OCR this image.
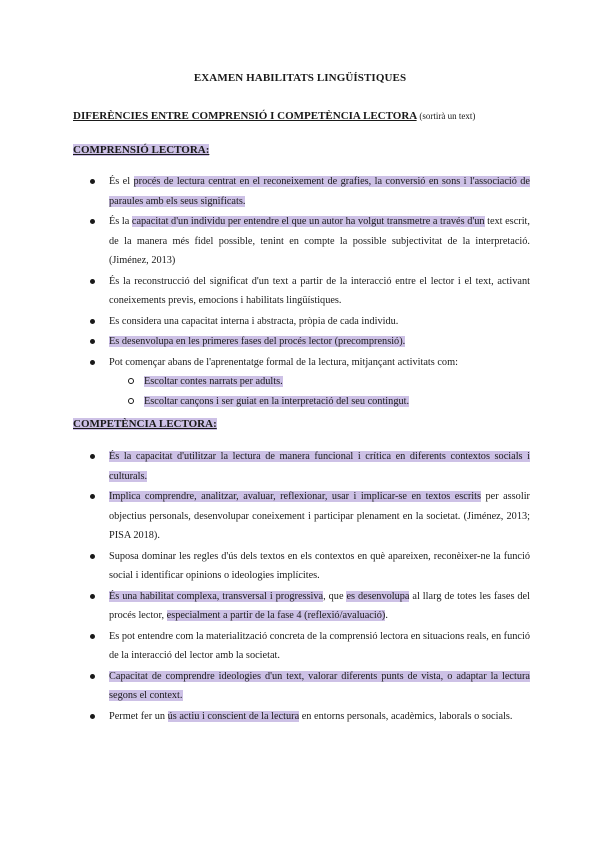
EXAMEN HABILITATS LINGÜÍSTIQUES
DIFERÈNCIES ENTRE COMPRENSIÓ I COMPETÈNCIA LECTORA (sortirà un text)
COMPRENSIÓ LECTORA:
És el procés de lectura centrat en el reconeixement de grafies, la conversió en sons i l'associació de paraules amb els seus significats.
És la capacitat d'un individu per entendre el que un autor ha volgut transmetre a través d'un text escrit, de la manera més fidel possible, tenint en compte la possible subjectivitat de la interpretació. (Jiménez, 2013)
És la reconstrucció del significat d'un text a partir de la interacció entre el lector i el text, activant coneixements previs, emocions i habilitats lingüístiques.
Es considera una capacitat interna i abstracta, pròpia de cada individu.
Es desenvolupa en les primeres fases del procés lector (precomprensió).
Pot començar abans de l'aprenentatge formal de la lectura, mitjançant activitats com:
Escoltar contes narrats per adults.
Escoltar cançons i ser guiat en la interpretació del seu contingut.
COMPETÈNCIA LECTORA:
És la capacitat d'utilitzar la lectura de manera funcional i crítica en diferents contextos socials i culturals.
Implica comprendre, analitzar, avaluar, reflexionar, usar i implicar-se en textos escrits per assolir objectius personals, desenvolupar coneixement i participar plenament en la societat. (Jiménez, 2013; PISA 2018).
Suposa dominar les regles d'ús dels textos en els contextos en què apareixen, reconèixer-ne la funció social i identificar opinions o ideologies implícites.
És una habilitat complexa, transversal i progressiva, que es desenvolupa al llarg de totes les fases del procés lector, especialment a partir de la fase 4 (reflexió/avaluació).
Es pot entendre com la materialització concreta de la comprensió lectora en situacions reals, en funció de la interacció del lector amb la societat.
Capacitat de comprendre ideologies d'un text, valorar diferents punts de vista, o adaptar la lectura segons el context.
Permet fer un ús actiu i conscient de la lectura en entorns personals, acadèmics, laborals o socials.
